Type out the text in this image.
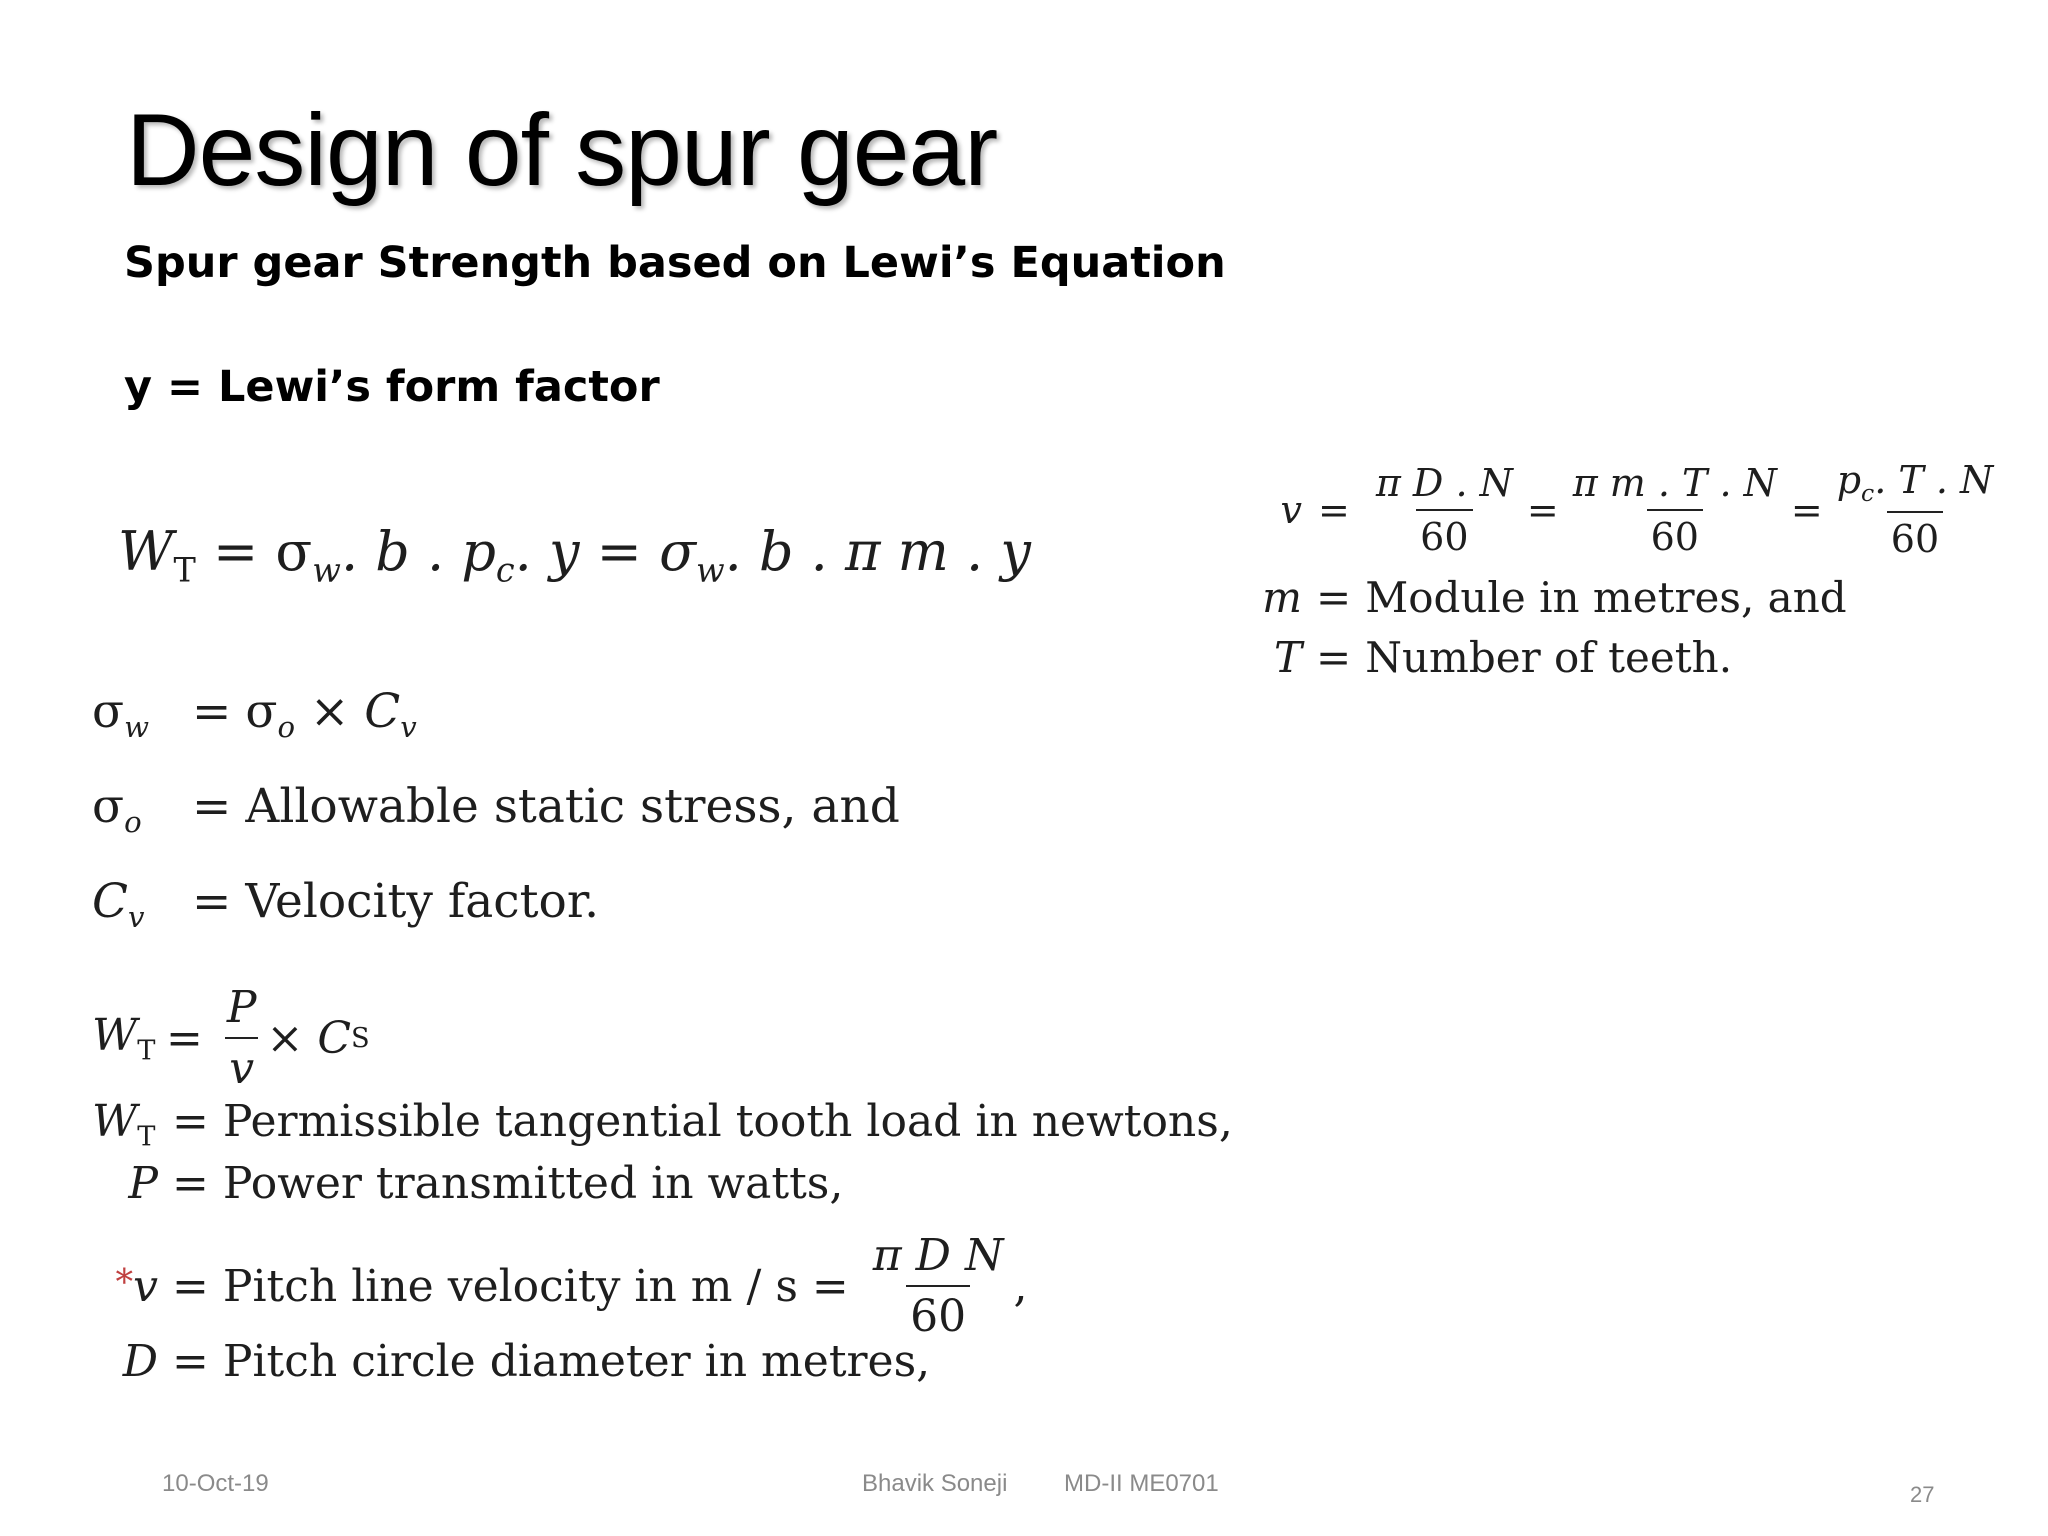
Design of spur gear
Spur gear Strength based on Lewi’s Equation
y = Lewi’s form factor
$W_T = \sigma_w$. b . $p_c$. $y = \sigma_w$. b . π m . y
$\sigma_w = \sigma_o \times C_v$
$\sigma_o$ = Allowable static stress, and
$C_v$ = Velocity factor.
$v = \frac{\text{π D . N}}{60} = \frac{\text{π m . T . N}}{60} = \frac{p_c. T . N}{60}$
m = Module in metres, and
T = Number of teeth.
$W_T = \frac{P}{v} \times C$ S
$W_T$ = Permissible tangential tooth load in newtons,
P = Power transmitted in watts,
*v = Pitch line velocity in $m / s = \frac{\text{π D N}}{60}$ ,
D = Pitch circle diameter in metres,
10-Oct-19	Bhavik Soneji MD-II ME0701	27
